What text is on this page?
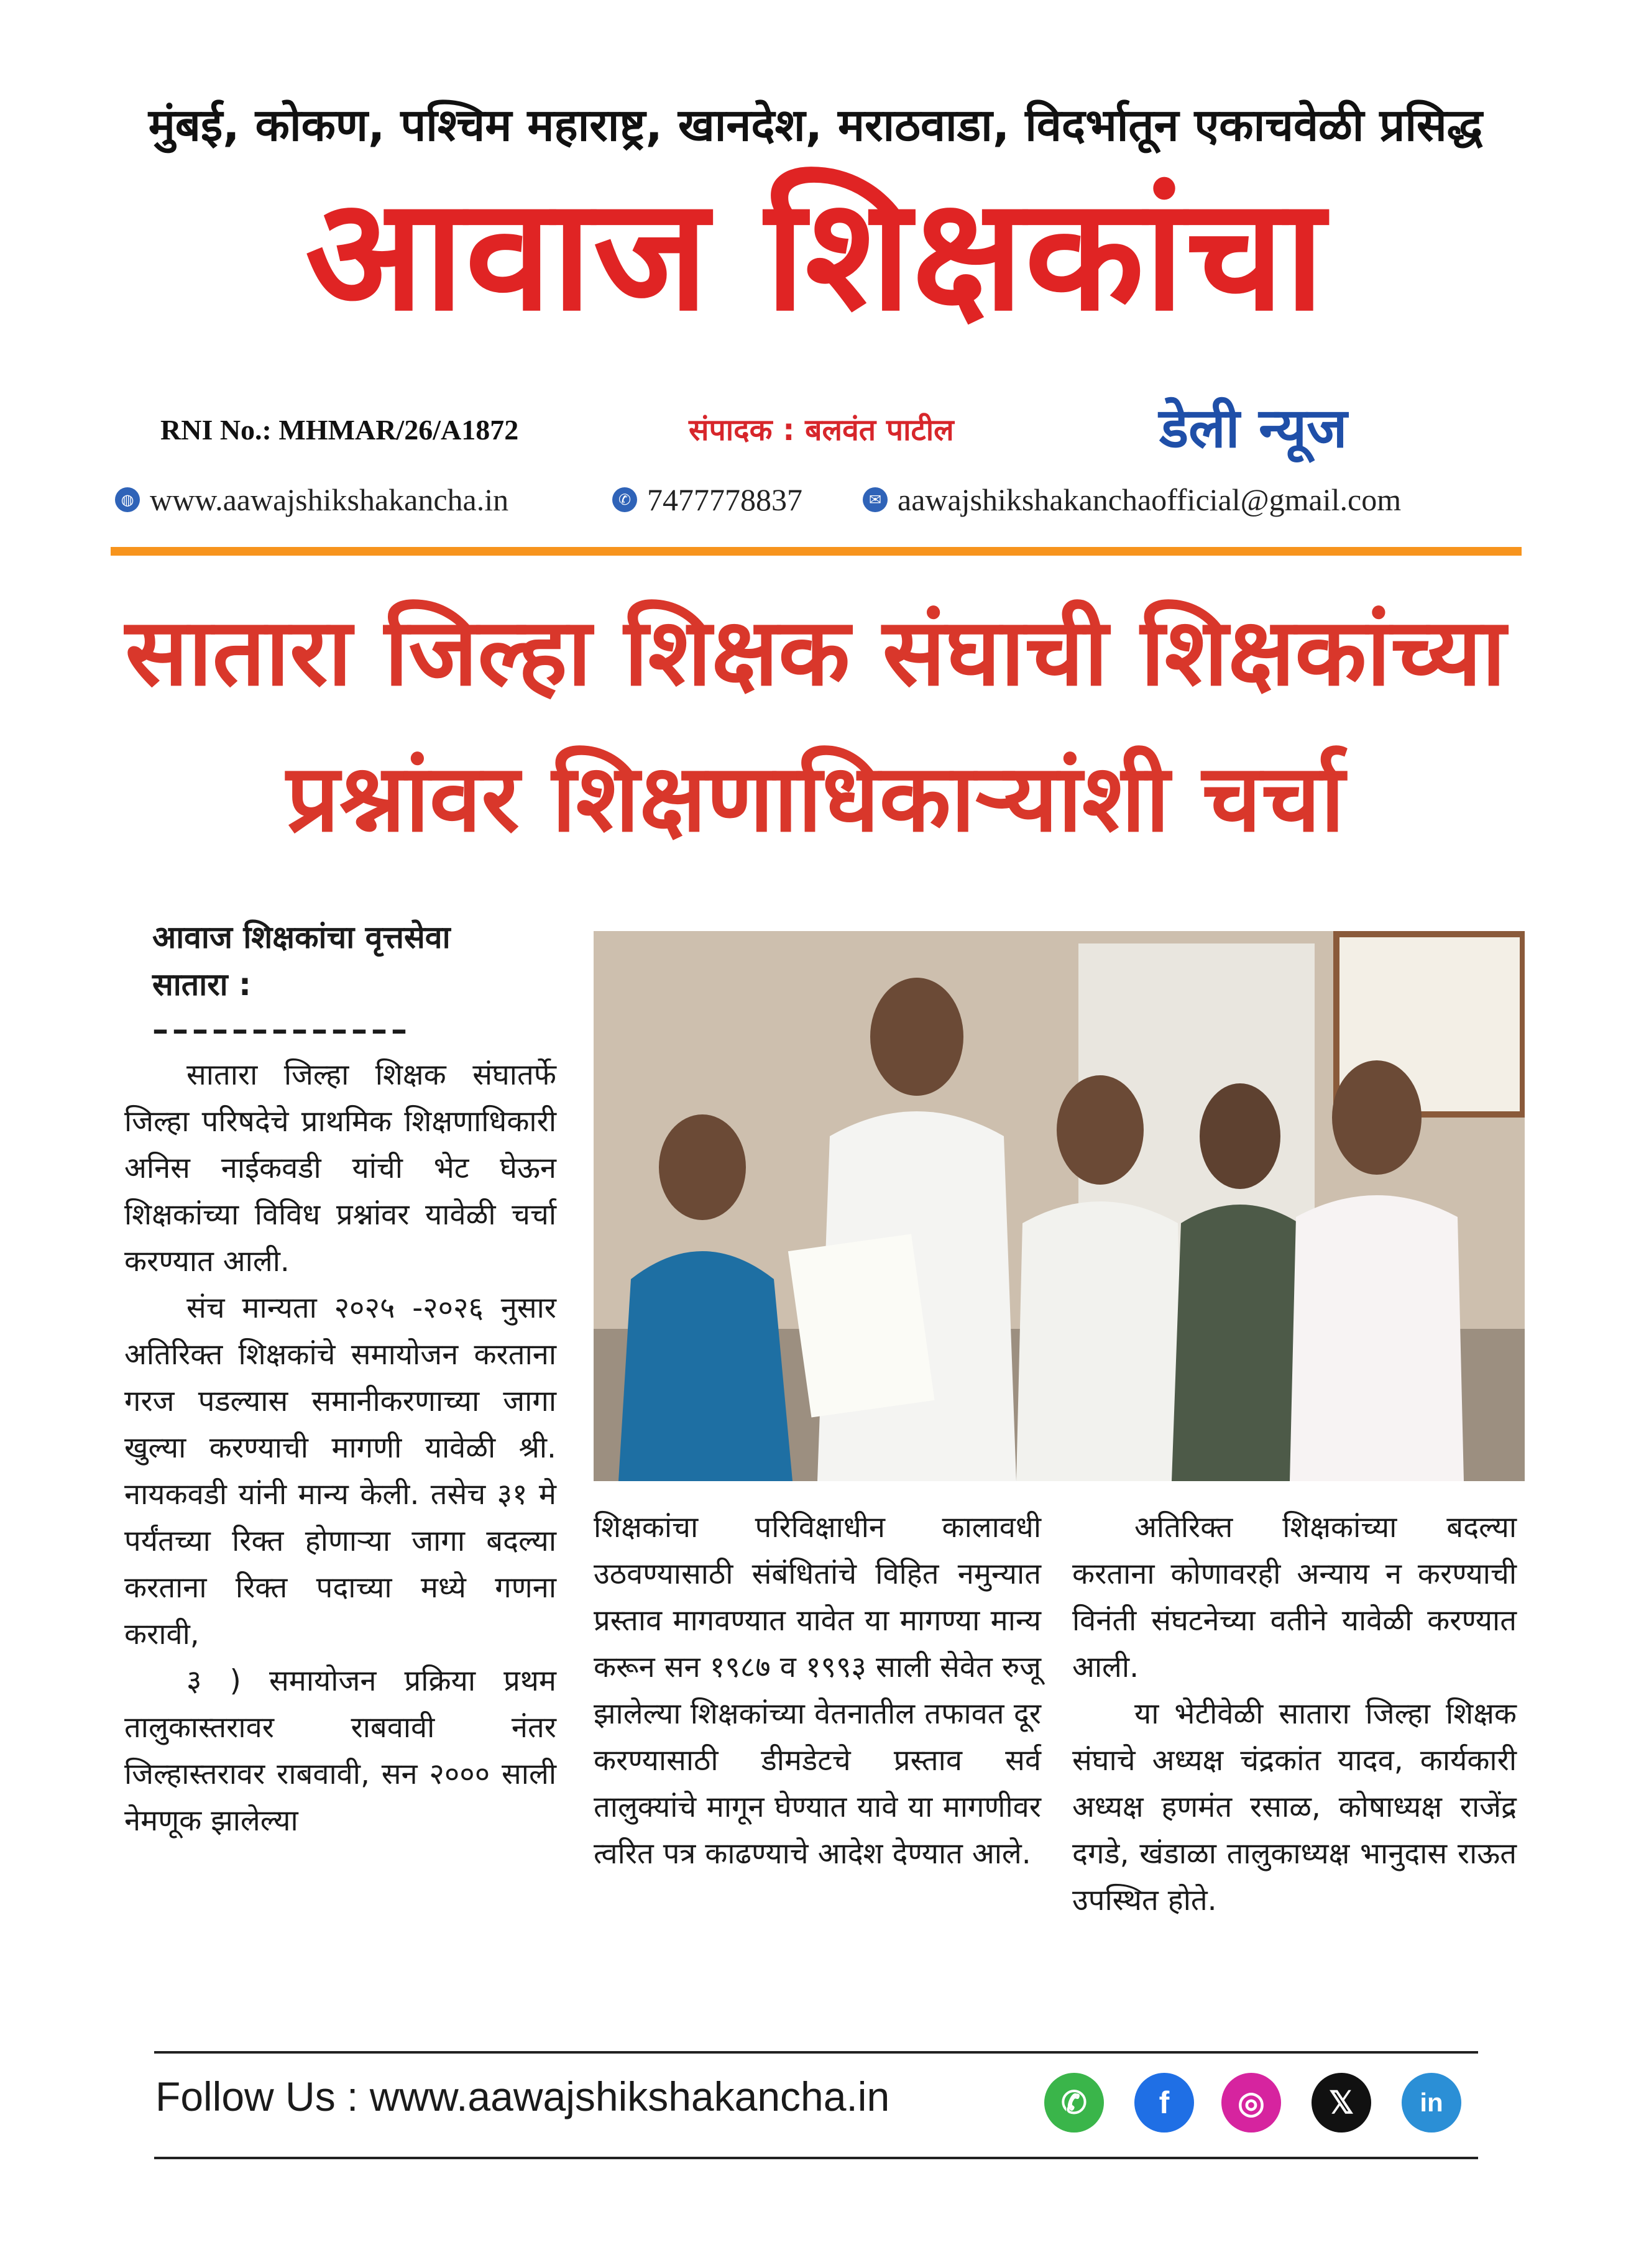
मुंबई, कोकण, पश्चिम महाराष्ट्र, खानदेश, मराठवाडा, विदर्भातून एकाचवेळी प्रसिद्ध
आवाज शिक्षकांचा
RNI No.: MHMAR/26/A1872	संपादक : बलवंत पाटील	डेली न्यूज
◍ www.aawajshikshakancha.in	✆ 7477778837	✉ aawajshikshakanchaofficial@gmail.com
सातारा जिल्हा शिक्षक संघाची शिक्षकांच्या
प्रश्नांवर शिक्षणाधिकाऱ्यांशी चर्चा
आवाज शिक्षकांचा वृत्तसेवा
सातारा :
–––––––––––––

सातारा जिल्हा शिक्षक संघातर्फे जिल्हा परिषदेचे प्राथमिक शिक्षणाधिकारी अनिस नाईकवडी यांची भेट घेऊन शिक्षकांच्या विविध प्रश्नांवर यावेळी चर्चा करण्यात आली.

संच मान्यता २०२५ -२०२६ नुसार अतिरिक्त शिक्षकांचे समायोजन करताना गरज पडल्यास समानीकरणाच्या जागा खुल्या करण्याची मागणी यावेळी श्री. नायकवडी यांनी मान्य केली. तसेच ३१ मे पर्यंतच्या रिक्त होणाऱ्या जागा बदल्या करताना रिक्त पदाच्या मध्ये गणना करावी,

३ ) समायोजन प्रक्रिया प्रथम तालुकास्तरावर राबवावी नंतर जिल्हास्तरावर राबवावी, सन २००० साली नेमणूक झालेल्या

शिक्षकांचा परिविक्षाधीन कालावधी उठवण्यासाठी संबंधितांचे विहित नमुन्यात प्रस्ताव मागवण्यात यावेत या मागण्या मान्य करून सन १९८७ व १९९३ साली सेवेत रुजू झालेल्या शिक्षकांच्या वेतनातील तफावत दूर करण्यासाठी डीमडेटचे प्रस्ताव सर्व तालुक्यांचे मागून घेण्यात यावे या मागणीवर त्वरित पत्र काढण्याचे आदेश देण्यात आले.

अतिरिक्त शिक्षकांच्या बदल्या करताना कोणावरही अन्याय न करण्याची विनंती संघटनेच्या वतीने यावेळी करण्यात आली.

या भेटीवेळी सातारा जिल्हा शिक्षक संघाचे अध्यक्ष चंद्रकांत यादव, कार्यकारी अध्यक्ष हणमंत रसाळ, कोषाध्यक्ष राजेंद्र दगडे, खंडाळा तालुकाध्यक्ष भानुदास राऊत उपस्थित होते.

Follow Us : www.aawajshikshakancha.in	✆	f	◎	𝕏	in
